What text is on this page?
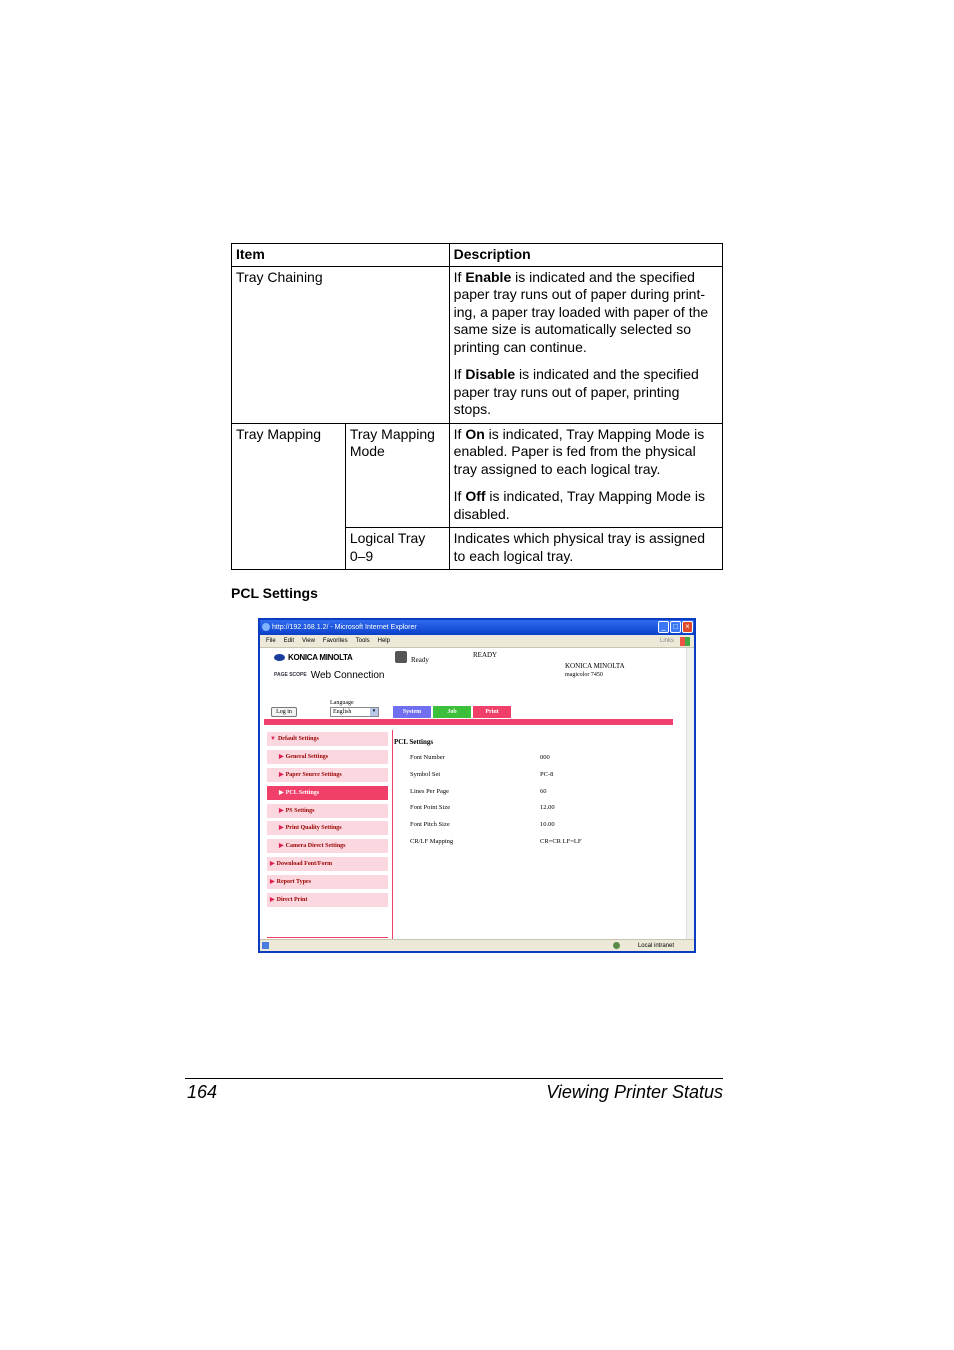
Item		Description
Tray Chaining		If Enable is indicated and the specified paper tray runs out of paper during print-ing, a paper tray loaded with paper of the same size is automatically selected so printing can continue.

If Disable is indicated and the specified paper tray runs out of paper, printing stops.

Tray Mapping	Tray Mapping Mode	If On is indicated, Tray Mapping Mode is enabled. Paper is fed from the physical tray assigned to each logical tray.

If Off is indicated, Tray Mapping Mode is disabled.

	Logical Tray 0–9	Indicates which physical tray is assigned to each logical tray.
PCL Settings
http://192.168.1.2/ - Microsoft Internet Explorer	_ □ ×
File Edit View Favorites Tools Help	Links
KONICA MINOLTA
PAGE SCOPE Web Connection
Ready
READY
KONICA MINOLTA
magicolor 7450
Language
Log in	English	▾	System	Job	Print
▼ Default Settings
▶ General Settings
▶ Paper Source Settings
▶ PCL Settings
▶ PS Settings
▶ Print Quality Settings
▶ Camera Direct Settings
▶ Download Font/Form
▶ Report Types
▶ Direct Print
PCL Settings
Font Number	000
Symbol Set	PC-8
Lines Per Page	60
Font Point Size	12.00
Font Pitch Size	10.00
CR/LF Mapping	CR=CR LF=LF
Local intranet
164	Viewing Printer Status
